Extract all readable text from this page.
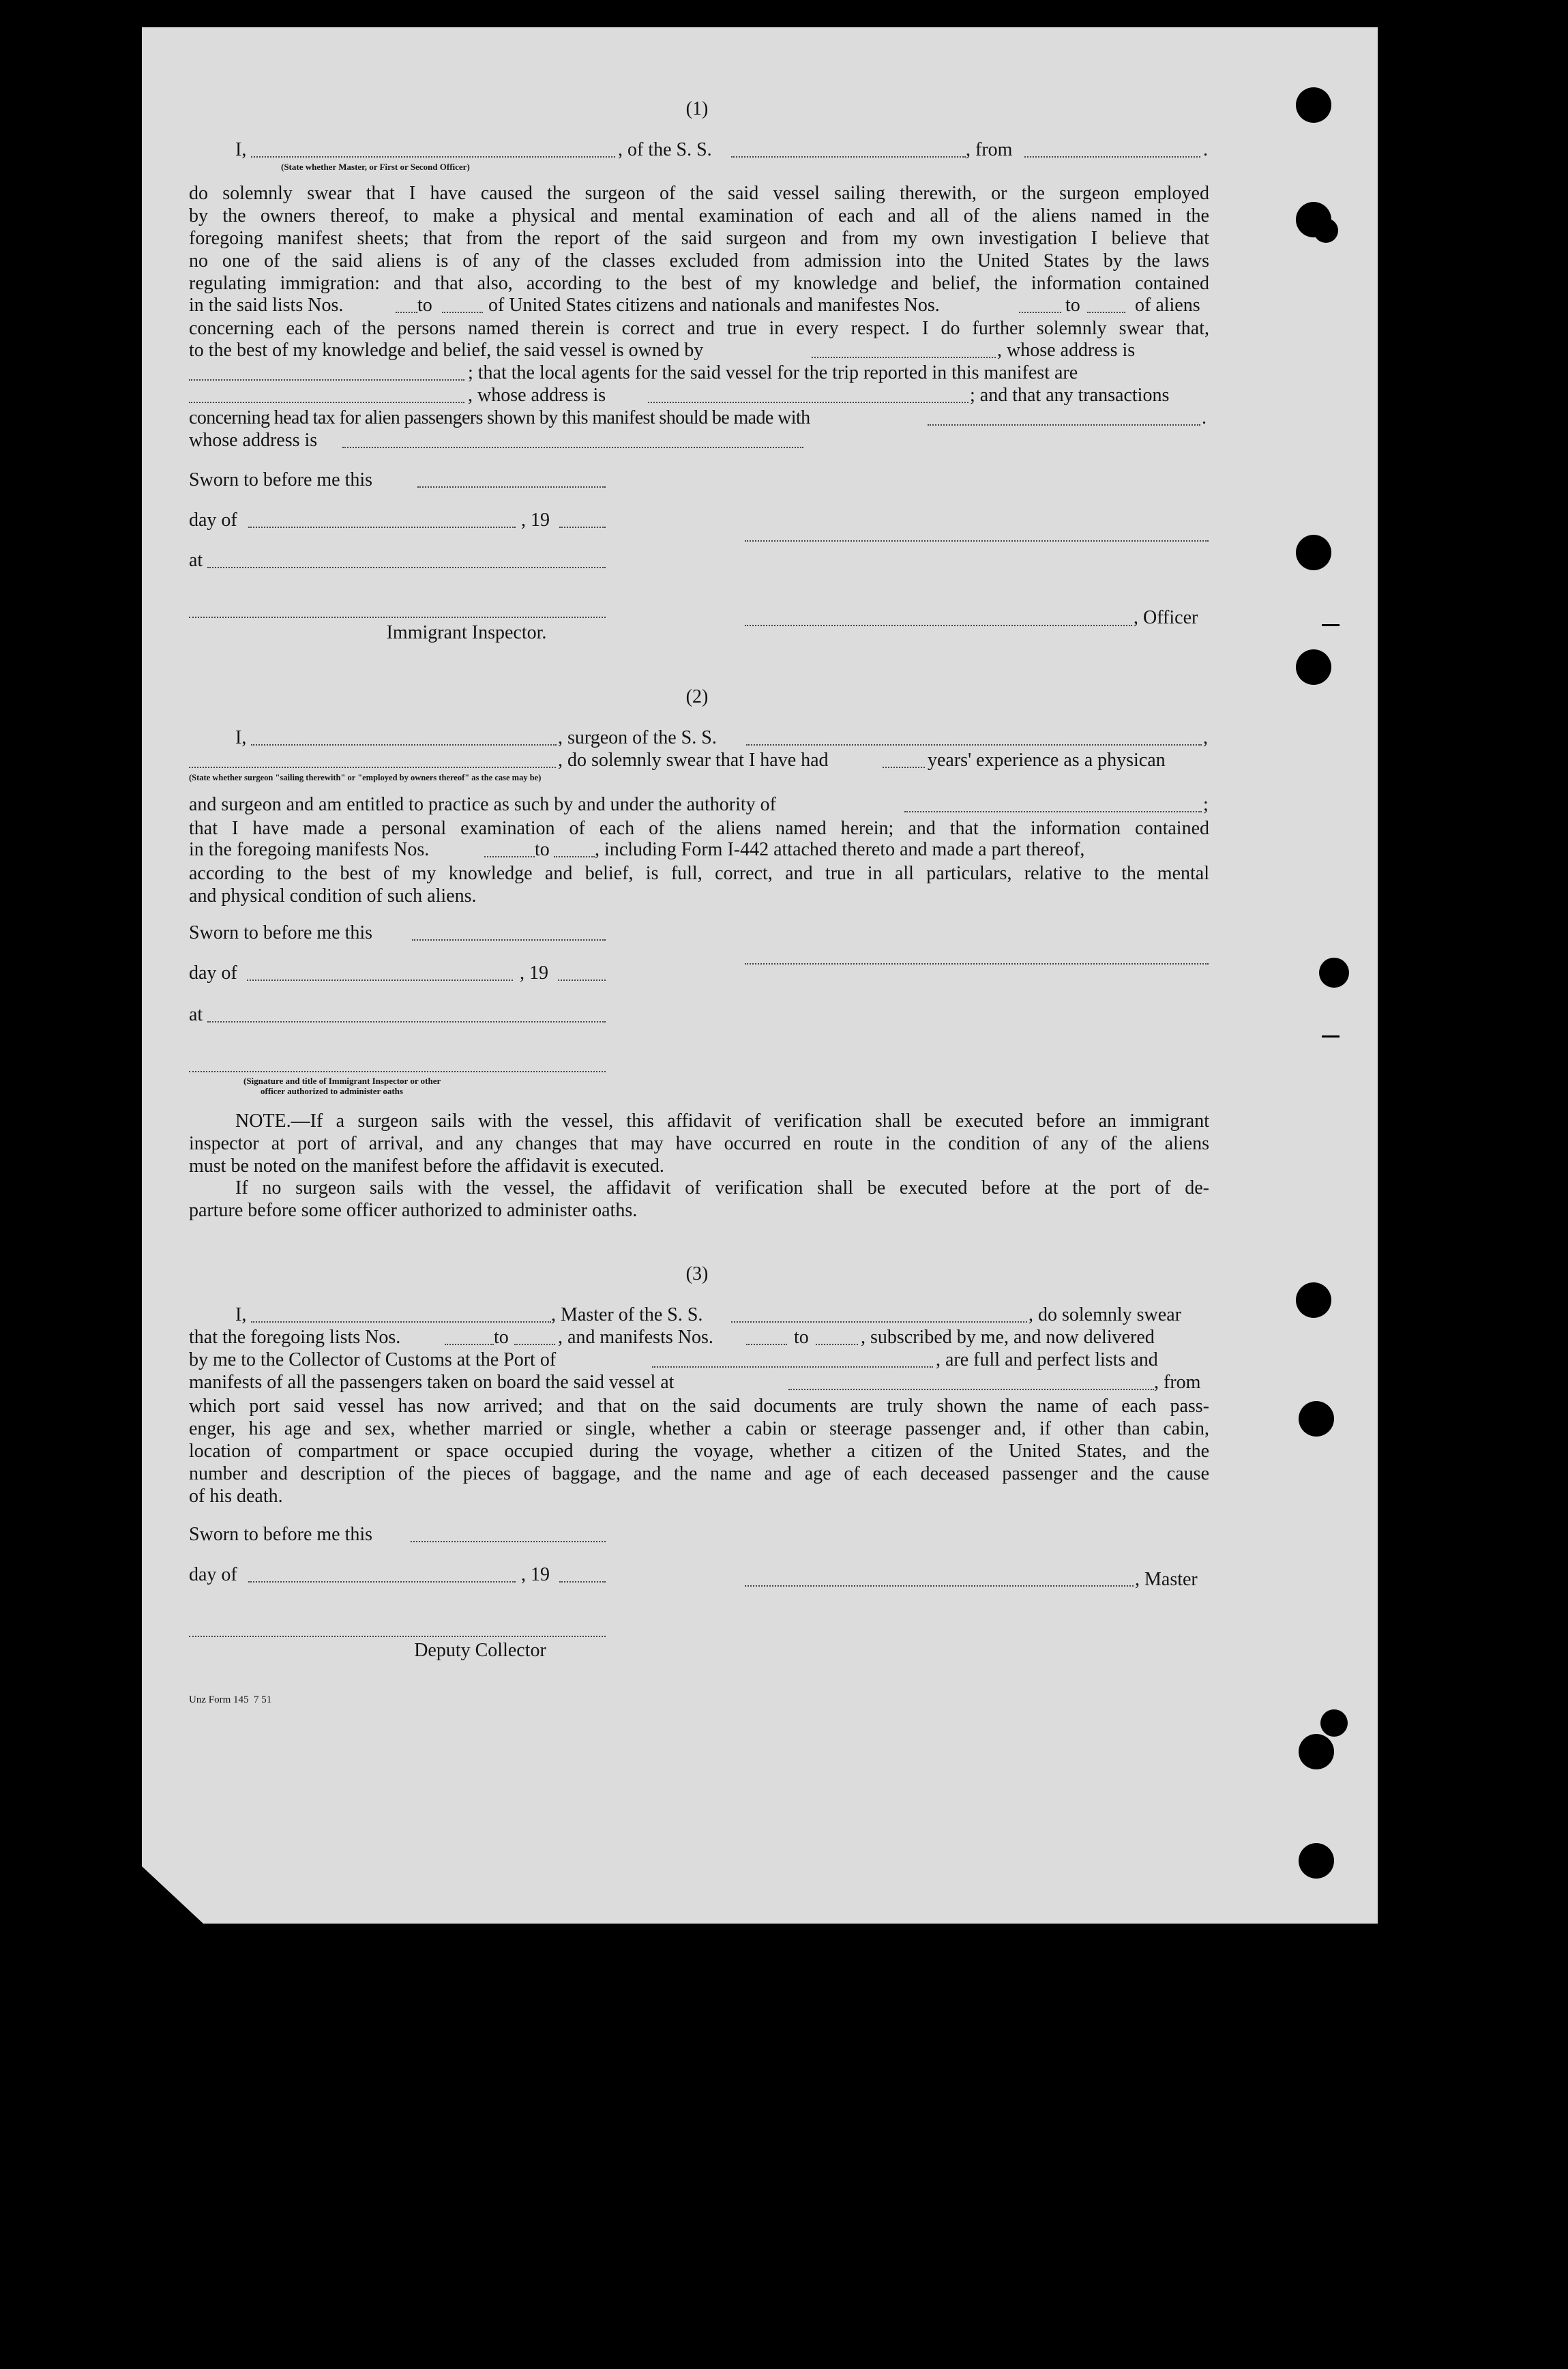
(1)
I,	, of the S. S.	, from	.
(State whether Master, or First or Second Officer)
do solemnly swear that I have caused the surgeon of the said vessel sailing therewith, or the surgeon employed
by the owners thereof, to make a physical and mental examination of each and all of the aliens named in the
foregoing manifest sheets; that from the report of the said surgeon and from my own investigation I believe that
no one of the said aliens is of any of the classes excluded from admission into the United States by the laws
regulating immigration: and that also, according to the best of my knowledge and belief, the information contained
in the said lists Nos.	to	of United States citizens and nationals and manifestes Nos.	to	of aliens
concerning each of the persons named therein is correct and true in every respect. I do further solemnly swear that,
to the best of my knowledge and belief, the said vessel is owned by	, whose address is
; that the local agents for the said vessel for the trip reported in this manifest are
, whose address is	; and that any transactions
concerning head tax for alien passengers shown by this manifest should be made with	.
whose address is
Sworn to before me this
day of	, 19
at
, Officer
Immigrant Inspector.
(2)
I,	, surgeon of the S. S.	,
, do solemnly swear that I have had	years' experience as a physican
(State whether surgeon "sailing therewith" or "employed by owners thereof" as the case may be)
and surgeon and am entitled to practice as such by and under the authority of	;
that I have made a personal examination of each of the aliens named herein; and that the information contained
in the foregoing manifests Nos.	to , including Form I-442 attached thereto and made a part thereof,
according to the best of my knowledge and belief, is full, correct, and true in all particulars, relative to the mental
and physical condition of such aliens.
Sworn to before me this
day of	, 19
at
(Signature and title of Immigrant Inspector or other
officer authorized to administer oaths
NOTE.—If a surgeon sails with the vessel, this affidavit of verification shall be executed before an immigrant
inspector at port of arrival, and any changes that may have occurred en route in the condition of any of the aliens
must be noted on the manifest before the affidavit is executed.
If no surgeon sails with the vessel, the affidavit of verification shall be executed before at the port of de-
parture before some officer authorized to administer oaths.
(3)
I,	, Master of the S. S.	, do solemnly swear
that the foregoing lists Nos.	to	, and manifests Nos.	to	, subscribed by me, and now delivered
by me to the Collector of Customs at the Port of	, are full and perfect lists and
manifests of all the passengers taken on board the said vessel at	, from
which port said vessel has now arrived; and that on the said documents are truly shown the name of each pass-
enger, his age and sex, whether married or single, whether a cabin or steerage passenger and, if other than cabin,
location of compartment or space occupied during the voyage, whether a citizen of the United States, and the
number and description of the pieces of baggage, and the name and age of each deceased passenger and the cause
of his death.
Sworn to before me this
day of	, 19	, Master
Deputy Collector
Unz Form 145  7 51
